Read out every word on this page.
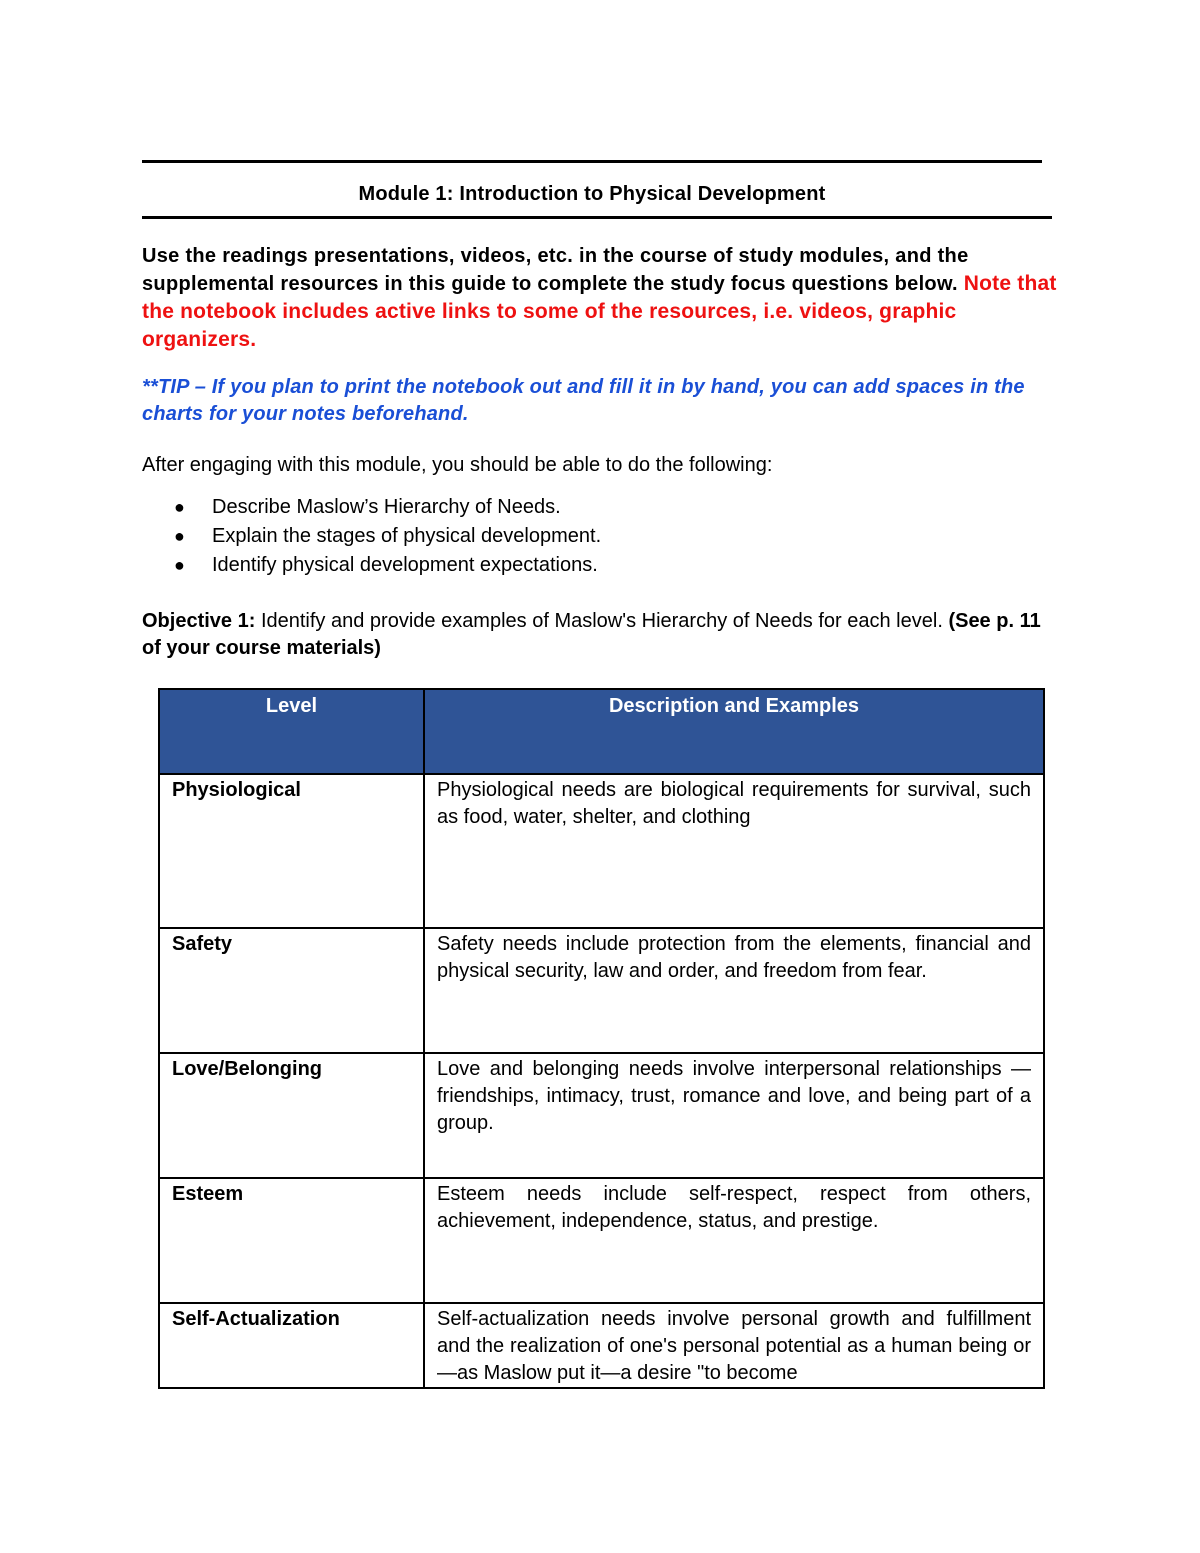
Module 1: Introduction to Physical Development
Use the readings presentations, videos, etc. in the course of study modules, and the supplemental resources in this guide to complete the study focus questions below. Note that the notebook includes active links to some of the resources, i.e. videos, graphic organizers.
**TIP – If you plan to print the notebook out and fill it in by hand, you can add spaces in the charts for your notes beforehand.
After engaging with this module, you should be able to do the following:
● Describe Maslow’s Hierarchy of Needs.
● Explain the stages of physical development.
● Identify physical development expectations.
Objective 1: Identify and provide examples of Maslow's Hierarchy of Needs for each level. (See p. 11 of your course materials)
Level	Description and Examples
Physiological	Physiological needs are biological requirements for survival, such as food, water, shelter, and clothing
Safety	Safety needs include protection from the elements, financial and physical security, law and order, and freedom from fear.
Love/Belonging	Love and belonging needs involve interpersonal relationships —friendships, intimacy, trust, romance and love, and being part of a group.
Esteem	Esteem needs include self-respect, respect from others, achievement, independence, status, and prestige.
Self-Actualization	Self-actualization needs involve personal growth and fulfillment and the realization of one's personal potential as a human being or—as Maslow put it—a desire "to become
